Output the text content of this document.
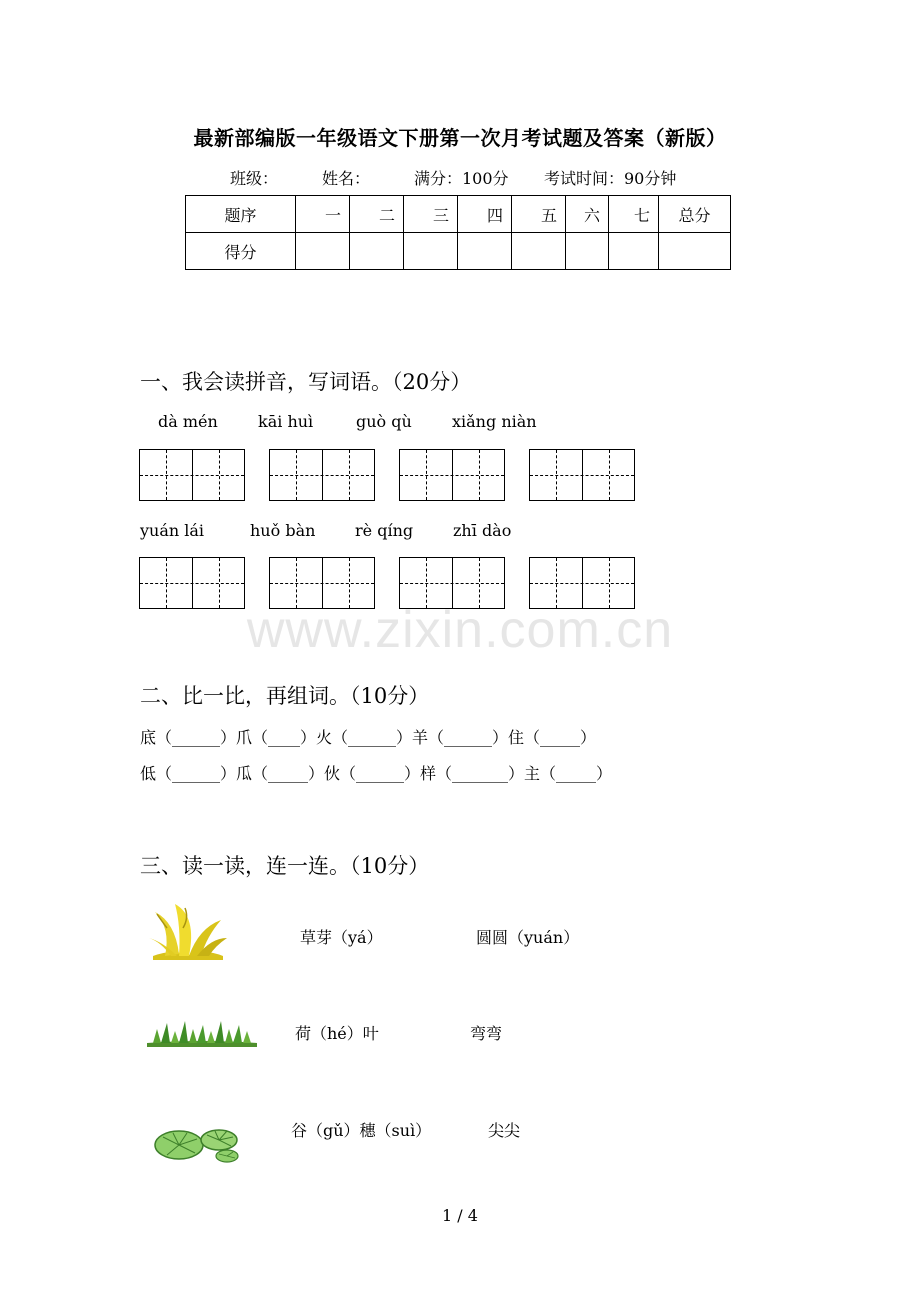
最新部编版一年级语文下册第一次月考试题及答案（新版）
班级：	姓名：	满分：100分 考试时间：90分钟
题序	一	二	三	四	五	六	七	总分
得分								
一、我会读拼音，写词语。（20分）
dà mén	kāi huì	guò qù	xiǎng niàn
yuán lái	huǒ bàn rè qíng zhī dào
www.zixin.com.cn
二、比一比，再组词。（10分）
底（______）爪（____）火（______）羊（______）住（_____）
低（______）瓜（_____）伙（______）样（_______）主（_____）
三、读一读，连一连。（10分）
草芽（yá）
荷（hé）叶
谷（gǔ）穗（suì）
圆圆（yuán）
弯弯
尖尖
1 / 4
